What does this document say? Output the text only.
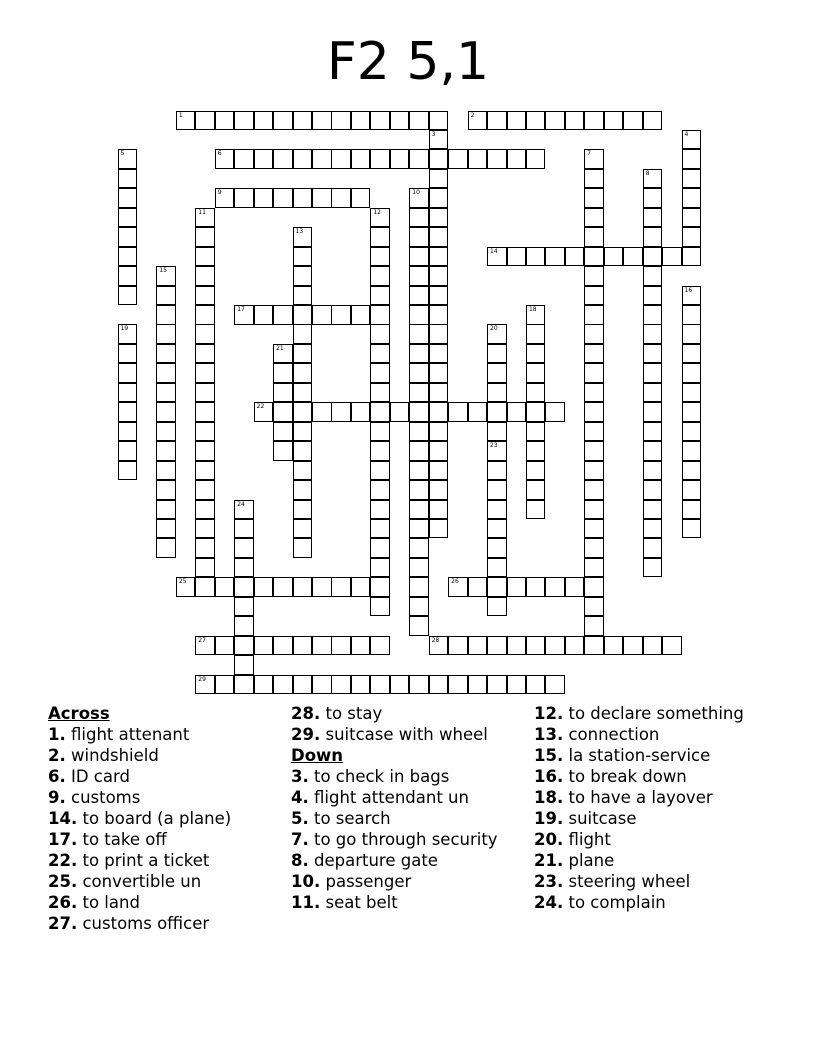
F2 5,1
1	2
3	4
5	6	7
8
9	10
11	12
13
14
15
16
17	18
19	20
21
22
23
24
25	26
27	28
29
Across
1. flight attenant
2. windshield
6. ID card
9. customs
14. to board (a plane)
17. to take off
22. to print a ticket
25. convertible un
26. to land
27. customs officer
28. to stay
29. suitcase with wheel
Down
3. to check in bags
4. flight attendant un
5. to search
7. to go through security
8. departure gate
10. passenger
11. seat belt
12. to declare something
13. connection
15. la station-service
16. to break down
18. to have a layover
19. suitcase
20. flight
21. plane
23. steering wheel
24. to complain
